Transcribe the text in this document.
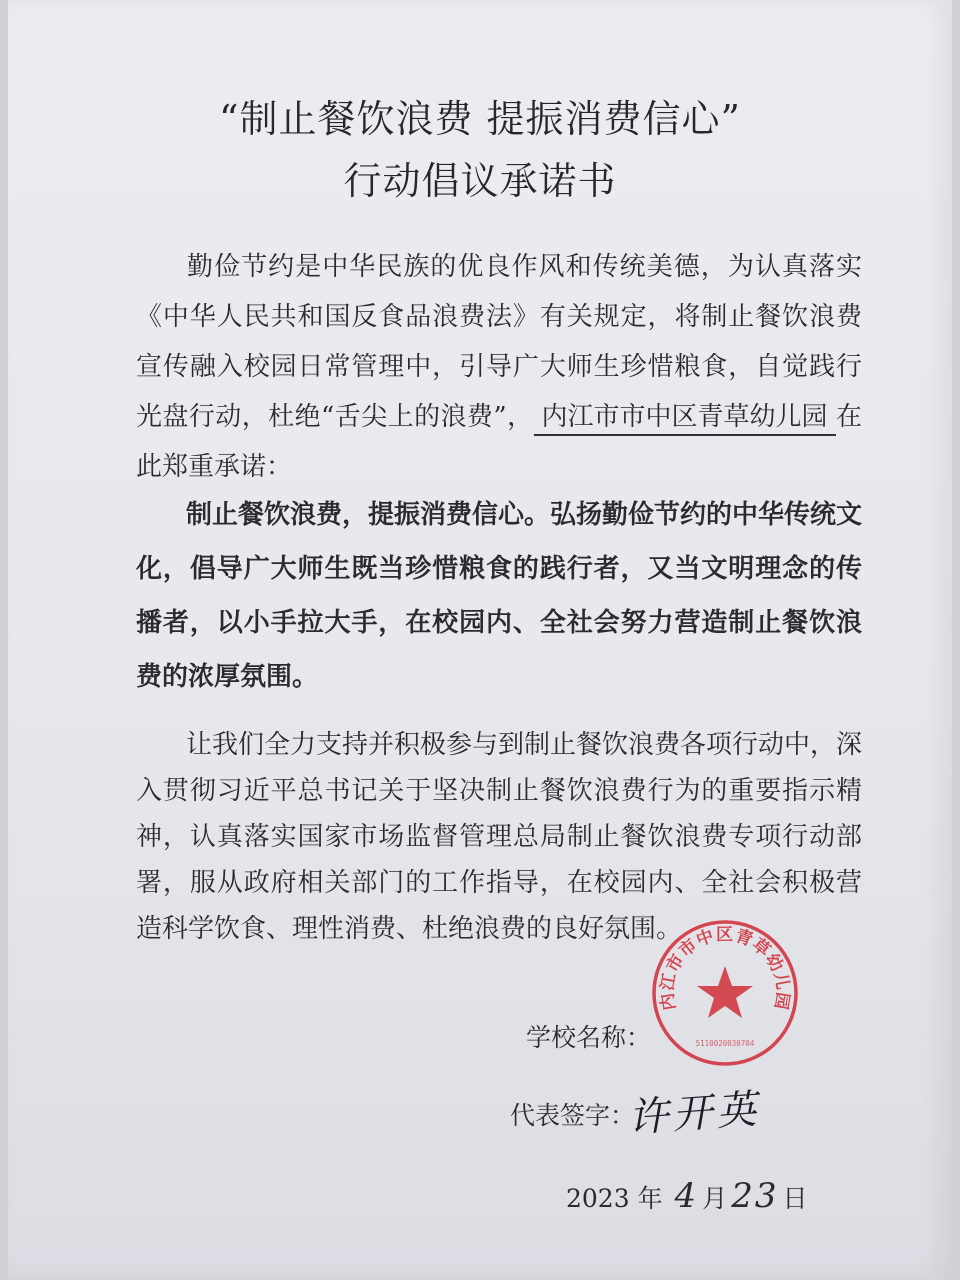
“制止餐饮浪费 提振消费信心”
行动倡议承诺书

勤俭节约是中华民族的优良作风和传统美德，为认真落实《中华人民共和国反食品浪费法》有关规定，将制止餐饮浪费宣传融入校园日常管理中，引导广大师生珍惜粮食，自觉践行光盘行动，杜绝“舌尖上的浪费”， 内江市市中区青草幼儿园 在此郑重承诺：

制止餐饮浪费，提振消费信心。弘扬勤俭节约的中华传统文化，倡导广大师生既当珍惜粮食的践行者，又当文明理念的传播者，以小手拉大手，在校园内、全社会努力营造制止餐饮浪费的浓厚氛围。

让我们全力支持并积极参与到制止餐饮浪费各项行动中，深入贯彻习近平总书记关于坚决制止餐饮浪费行为的重要指示精神，认真落实国家市场监督管理总局制止餐饮浪费专项行动部署，服从政府相关部门的工作指导，在校园内、全社会积极营造科学饮食、理性消费、杜绝浪费的良好氛围。

学校名称：
内江市市中区青草幼儿园
5110020030704
代表签字：
许开英
2023 年 4 月 23 日
